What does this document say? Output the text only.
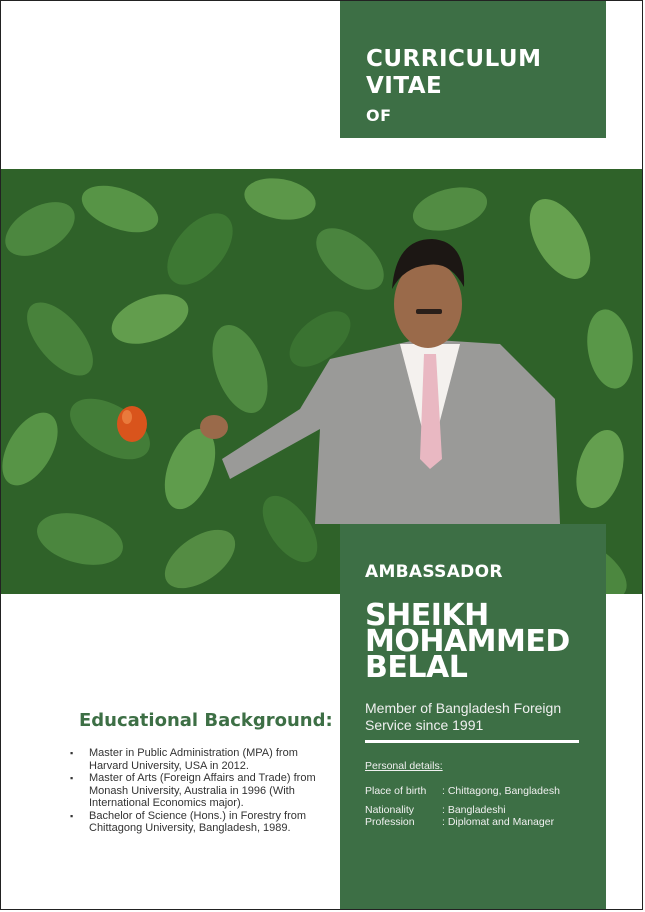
CURRICULUM
VITAE
OF
AMBASSADOR
SHEIKH
MOHAMMED
BELAL
Member of Bangladesh Foreign Service since 1991
Personal details:
Place of birth	: Chittagong, Bangladesh
Nationality	: Bangladeshi
Profession	: Diplomat and Manager
Educational Background:
▪ Master in Public Administration (MPA) from Harvard University, USA in 2012.
▪ Master of Arts (Foreign Affairs and Trade) from Monash University, Australia in 1996 (With International Economics major).
▪ Bachelor of Science (Hons.) in Forestry from Chittagong University, Bangladesh, 1989.
